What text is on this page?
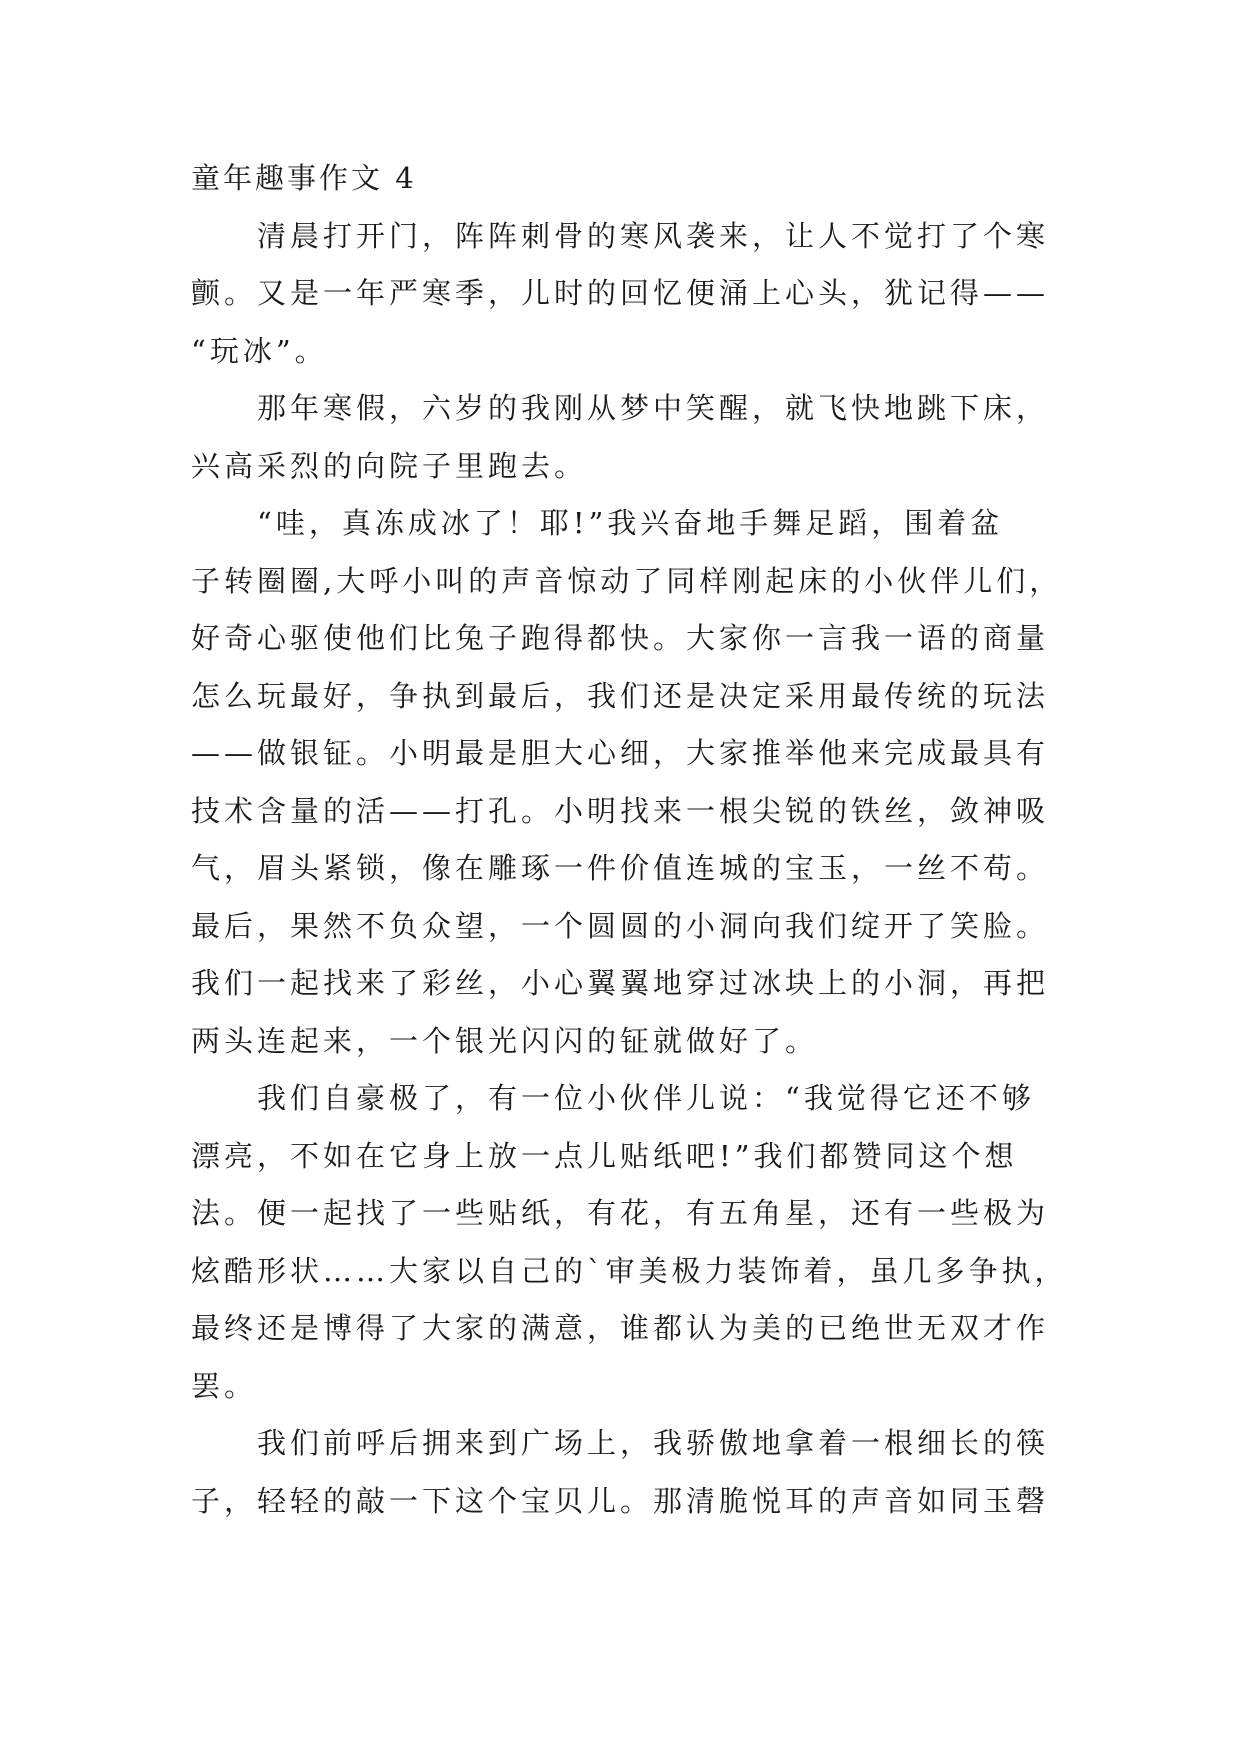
童年趣事作文 4
清晨打开门，阵阵刺骨的寒风袭来，让人不觉打了个寒
颤。又是一年严寒季，儿时的回忆便涌上心头，犹记得——
“玩冰”。
那年寒假，六岁的我刚从梦中笑醒，就飞快地跳下床，
兴高采烈的向院子里跑去。
“哇，真冻成冰了！耶!”我兴奋地手舞足蹈，围着盆
子转圈圈,大呼小叫的声音惊动了同样刚起床的小伙伴儿们，
好奇心驱使他们比兔子跑得都快。大家你一言我一语的商量
怎么玩最好，争执到最后，我们还是决定采用最传统的玩法
——做银钲。小明最是胆大心细，大家推举他来完成最具有
技术含量的活——打孔。小明找来一根尖锐的铁丝，敛神吸
气，眉头紧锁，像在雕琢一件价值连城的宝玉，一丝不苟。
最后，果然不负众望，一个圆圆的小洞向我们绽开了笑脸。
我们一起找来了彩丝，小心翼翼地穿过冰块上的小洞，再把
两头连起来，一个银光闪闪的钲就做好了。
我们自豪极了，有一位小伙伴儿说：“我觉得它还不够
漂亮，不如在它身上放一点儿贴纸吧!”我们都赞同这个想
法。便一起找了一些贴纸，有花，有五角星，还有一些极为
炫酷形状……大家以自己的`审美极力装饰着，虽几多争执，
最终还是博得了大家的满意，谁都认为美的已绝世无双才作
罢。
我们前呼后拥来到广场上，我骄傲地拿着一根细长的筷
子，轻轻的敲一下这个宝贝儿。那清脆悦耳的声音如同玉磬
